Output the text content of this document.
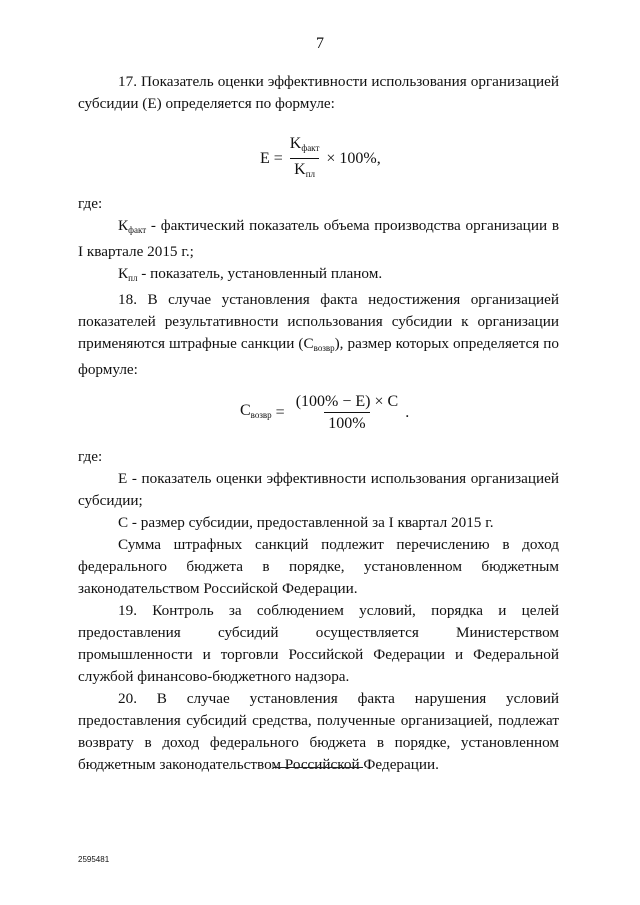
7

17. Показатель оценки эффективности использования организацией субсидии (Е) определяется по формуле:

$E = \frac{K_{факт}}{K_{пл}} \times 100\%$,

где:

$К_{факт}$ - фактический показатель объема производства организации в I квартале 2015 г.;

$К_{пл}$ - показатель, установленный планом.

18. В случае установления факта недостижения организацией показателей результативности использования субсидии к организации применяются штрафные санкции $(С_{возвр})$, размер которых определяется по формуле:

$C_{возвр} = \frac{(100\% - E) \times C}{100\%}$ .

где:

Е - показатель оценки эффективности использования организацией субсидии;

С - размер субсидии, предоставленной за I квартал 2015 г.

Сумма штрафных санкций подлежит перечислению в доход федерального бюджета в порядке, установленном бюджетным законодательством Российской Федерации.

19. Контроль за соблюдением условий, порядка и целей предоставления субсидий осуществляется Министерством промышленности и торговли Российской Федерации и Федеральной службой финансово-бюджетного надзора.

20. В случае установления факта нарушения условий предоставления субсидий средства, полученные организацией, подлежат возврату в доход федерального бюджета в порядке, установленном бюджетным законодательством Российской Федерации.

2595481
